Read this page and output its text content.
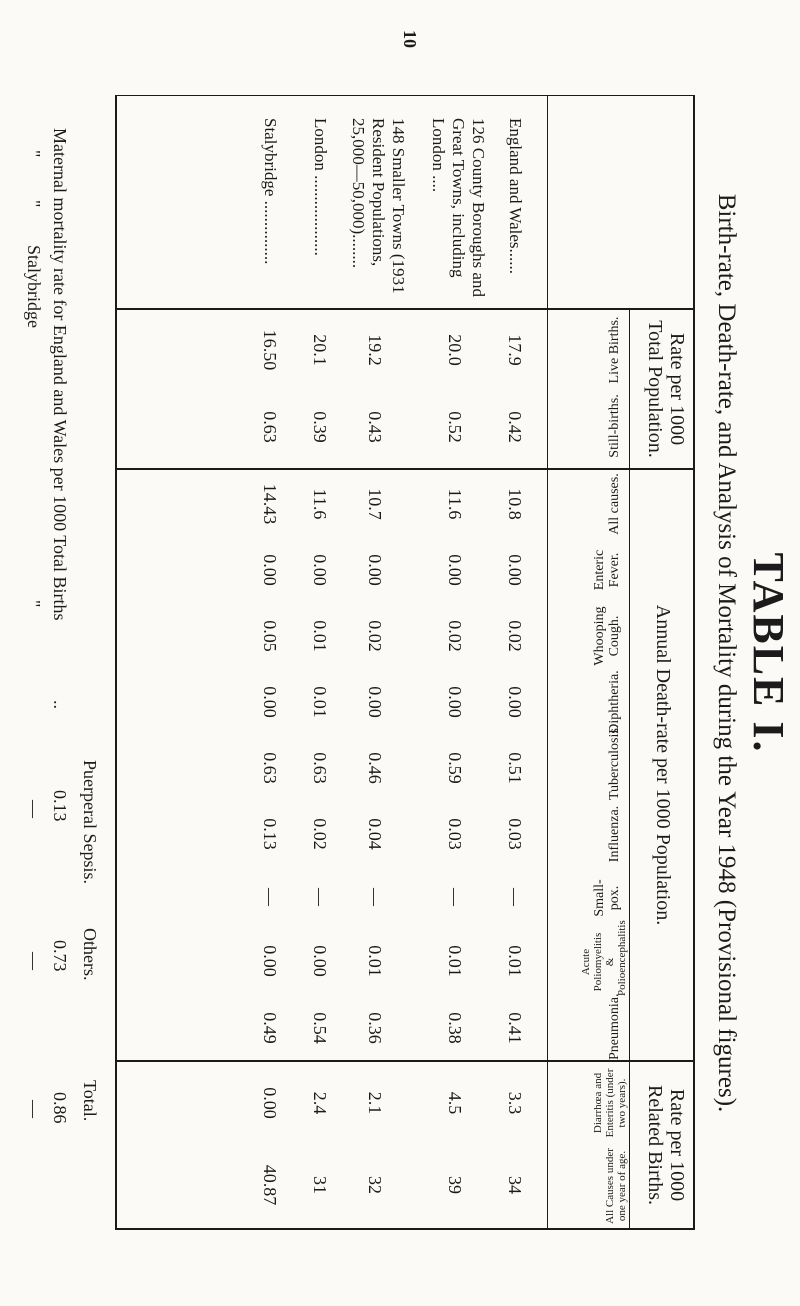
TABLE I.
Birth-rate, Death-rate, and Analysis of Mortality during the Year 1948 (Provisional figures).
Rate per 1000 Total Population.
Annual Death-rate per 1000 Population.
Rate per 1000 Related Births.
Live Births.
Still-births.
All causes.
Enteric Fever.
Whooping Cough.
Diphtheria.
Tuberculosis.
Influenza.
Small-pox.
Acute Poliomyelitis & Polioencephalitis
Pneumonia.
Diarrhœa and Enteritis (under two years).
All Causes under one year of age.
England and Wales......
126 County Boroughs and Great Towns, including London ....
148 Smaller Towns (1931 Resident Populations, 25,000—50,000)........
London ...................
Stalybridge ...............
17.9
0.42
10.8
0.00
0.02
0.00
0.51
0.03
—
0.01
0.41
3.3
34
20.0
0.52
11.6
0.00
0.02
0.00
0.59
0.03
—
0.01
0.38
4.5
39
19.2
0.43
10.7
0.00
0.02
0.00
0.46
0.04
—
0.01
0.36
2.1
32
20.1
0.39
11.6
0.00
0.01
0.01
0.63
0.02
—
0.00
0.54
2.4
31
16.50
0.63
14.43
0.00
0.05
0.00
0.63
0.13
—
0.00
0.49
0.00
40.87
Puerperal Sepsis.
Others.
Total.
Maternal mortality rate for England and Wales per 1000 Total Births
..
0.13
0.73
0.86
"
"
Stalybridge
"
—
—
—
10
